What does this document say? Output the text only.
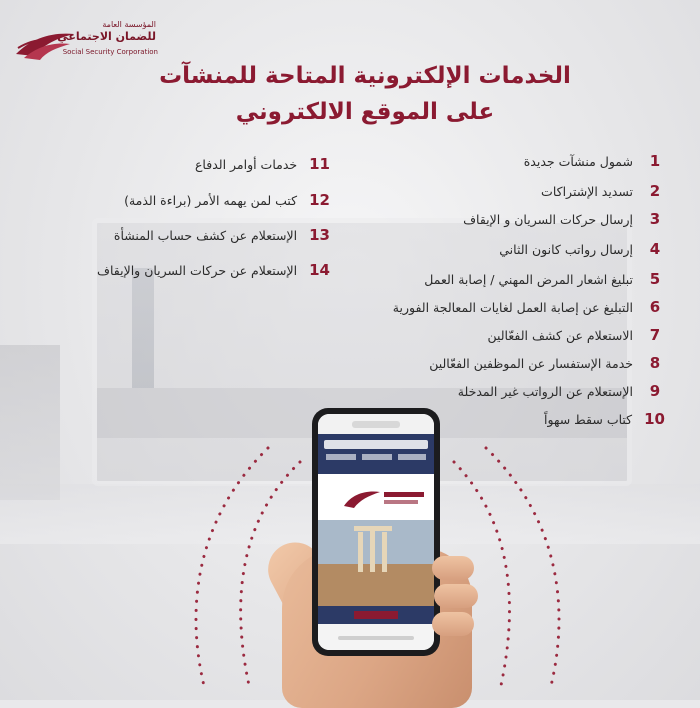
المؤسسة العامة
للضمان الاجتماعي
Social Security Corporation
الخدمات الإلكترونية المتاحة للمنشآت
على الموقع الالكتروني
1
شمول منشآت جديدة
2
تسديد الإشتراكات
3
إرسال حركات السريان و الإيقاف
4
إرسال رواتب كانون الثاني
5
تبليغ اشعار المرض المهني / إصابة العمل
6
التبليغ عن إصابة العمل لغايات المعالجة الفورية
7
الاستعلام عن كشف الفعّالين
8
خدمة الإستفسار عن الموظفين الفعّالين
9
الإستعلام عن الرواتب غير المدخلة
10
كتاب سقط سهواً
11
خدمات أوامر الدفاع
12
كتب لمن يهمه الأمر (براءة الذمة)
13
الإستعلام عن كشف حساب المنشأة
14
الإستعلام عن حركات السريان والإيقاف
